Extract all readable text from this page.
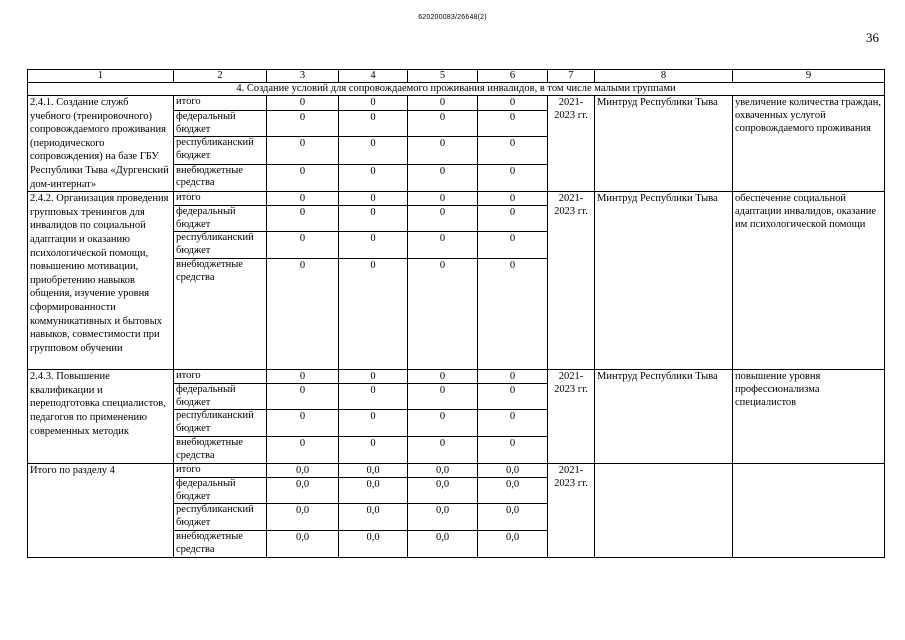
620200083/26648(2)
36
1	2	3	4	5	6	7	8	9
4. Создание условий для сопровождаемого проживания инвалидов, в том числе малыми группами								
2.4.1. Создание служб учебного (тренировочного) сопровождаемого проживания (периодического сопровождения) на базе ГБУ Республики Тыва «Дургенский дом-интернат»	итого	0	0	0	0	2021-2023 гг.	Минтруд Республики Тыва	увеличение количества граждан, охваченных услугой сопровождаемого проживания
	федеральный бюджет	0	0	0	0			
	республиканский бюджет	0	0	0	0			
	внебюджетные средства	0	0	0	0			
2.4.2. Организация проведения групповых тренингов для инвалидов по социальной адаптации и оказанию психологической помощи, повышению мотивации, приобретению навыков общения, изучение уровня сформированности коммуникативных и бытовых навыков, совместимости при групповом обучении	итого	0	0	0	0	2021-2023 гг.	Минтруд Республики Тыва	обеспечение социальной адаптации инвалидов, оказание им психологической помощи
	федеральный бюджет	0	0	0	0			
	республиканский бюджет	0	0	0	0			
	внебюджетные средства	0	0	0	0			
2.4.3. Повышение квалификации и переподготовка специалистов, педагогов по применению современных методик	итого	0	0	0	0	2021-2023 гг.	Минтруд Республики Тыва	повышение уровня профессионализма специалистов
	федеральный бюджет	0	0	0	0			
	республиканский бюджет	0	0	0	0			
	внебюджетные средства	0	0	0	0			
Итого по разделу 4	итого	0,0	0,0	0,0	0,0	2021-2023 гг.		
	федеральный бюджет	0,0	0,0	0,0	0,0			
	республиканский бюджет	0,0	0,0	0,0	0,0			
	внебюджетные средства	0,0	0,0	0,0	0,0			
